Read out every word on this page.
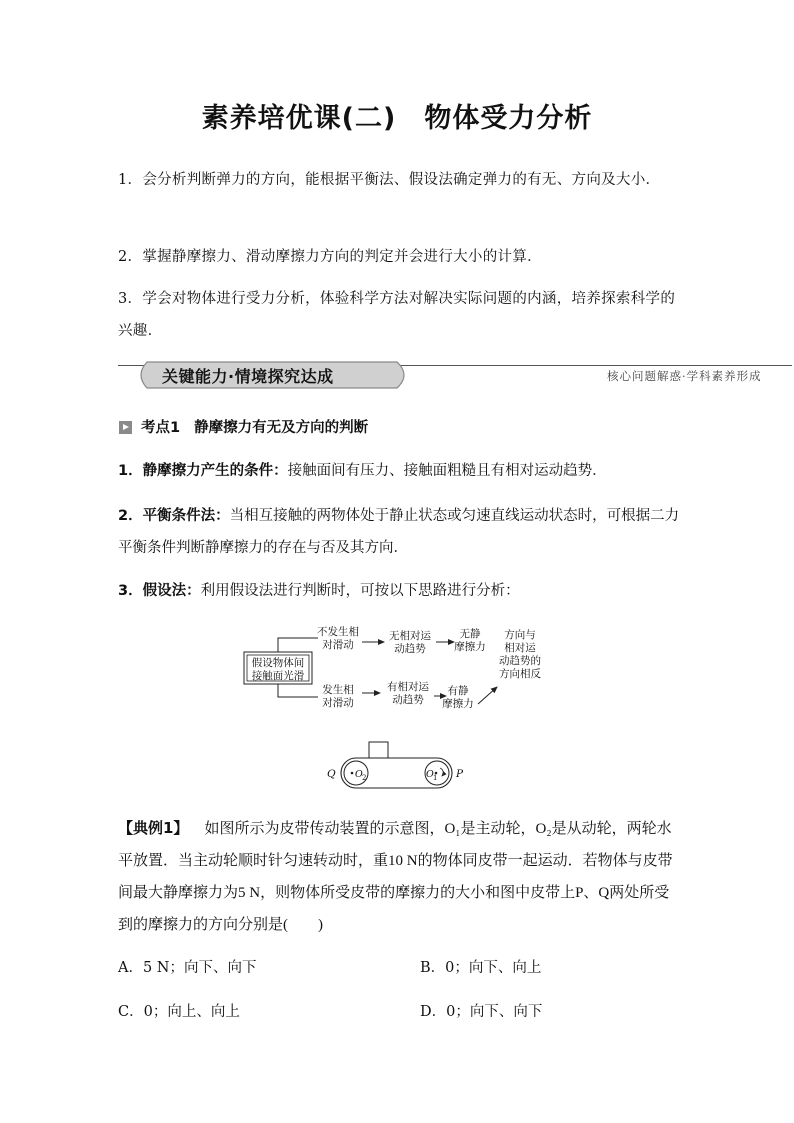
素养培优课(二)　物体受力分析
1．会分析判断弹力的方向，能根据平衡法、假设法确定弹力的有无、方向及大小．
2．掌握静摩擦力、滑动摩擦力方向的判定并会进行大小的计算．
3．学会对物体进行受力分析，体验科学方法对解决实际问题的内涵，培养探索科学的兴趣．
关键能力·情境探究达成	核心问题解惑·学科素养形成
考点1 静摩擦力有无及方向的判断
1．静摩擦力产生的条件：接触面间有压力、接触面粗糙且有相对运动趋势．
2．平衡条件法：当相互接触的两物体处于静止状态或匀速直线运动状态时，可根据二力平衡条件判断静摩擦力的存在与否及其方向．
3．假设法：利用假设法进行判断时，可按以下思路进行分析：
假设物体间
接触面光滑
不发生相
对滑动
无相对运
动趋势
无静
摩擦力
发生相
对滑动
有相对运
动趋势
有静
摩擦力
方向与
相对运
动趋势的
方向相反
Q	P
O 2	O 1
【典例1】 如图所示为皮带传动装置的示意图，O₁是主动轮，O₂是从动轮，两轮水平放置．当主动轮顺时针匀速转动时，重10 N的物体同皮带一起运动．若物体与皮带间最大静摩擦力为5 N，则物体所受皮带的摩擦力的大小和图中皮带上P、Q两处所受到的摩擦力的方向分别是(　　)
A．5 N；向下、向下	B．0；向下、向上
C．0；向上、向上	D．0；向下、向下
